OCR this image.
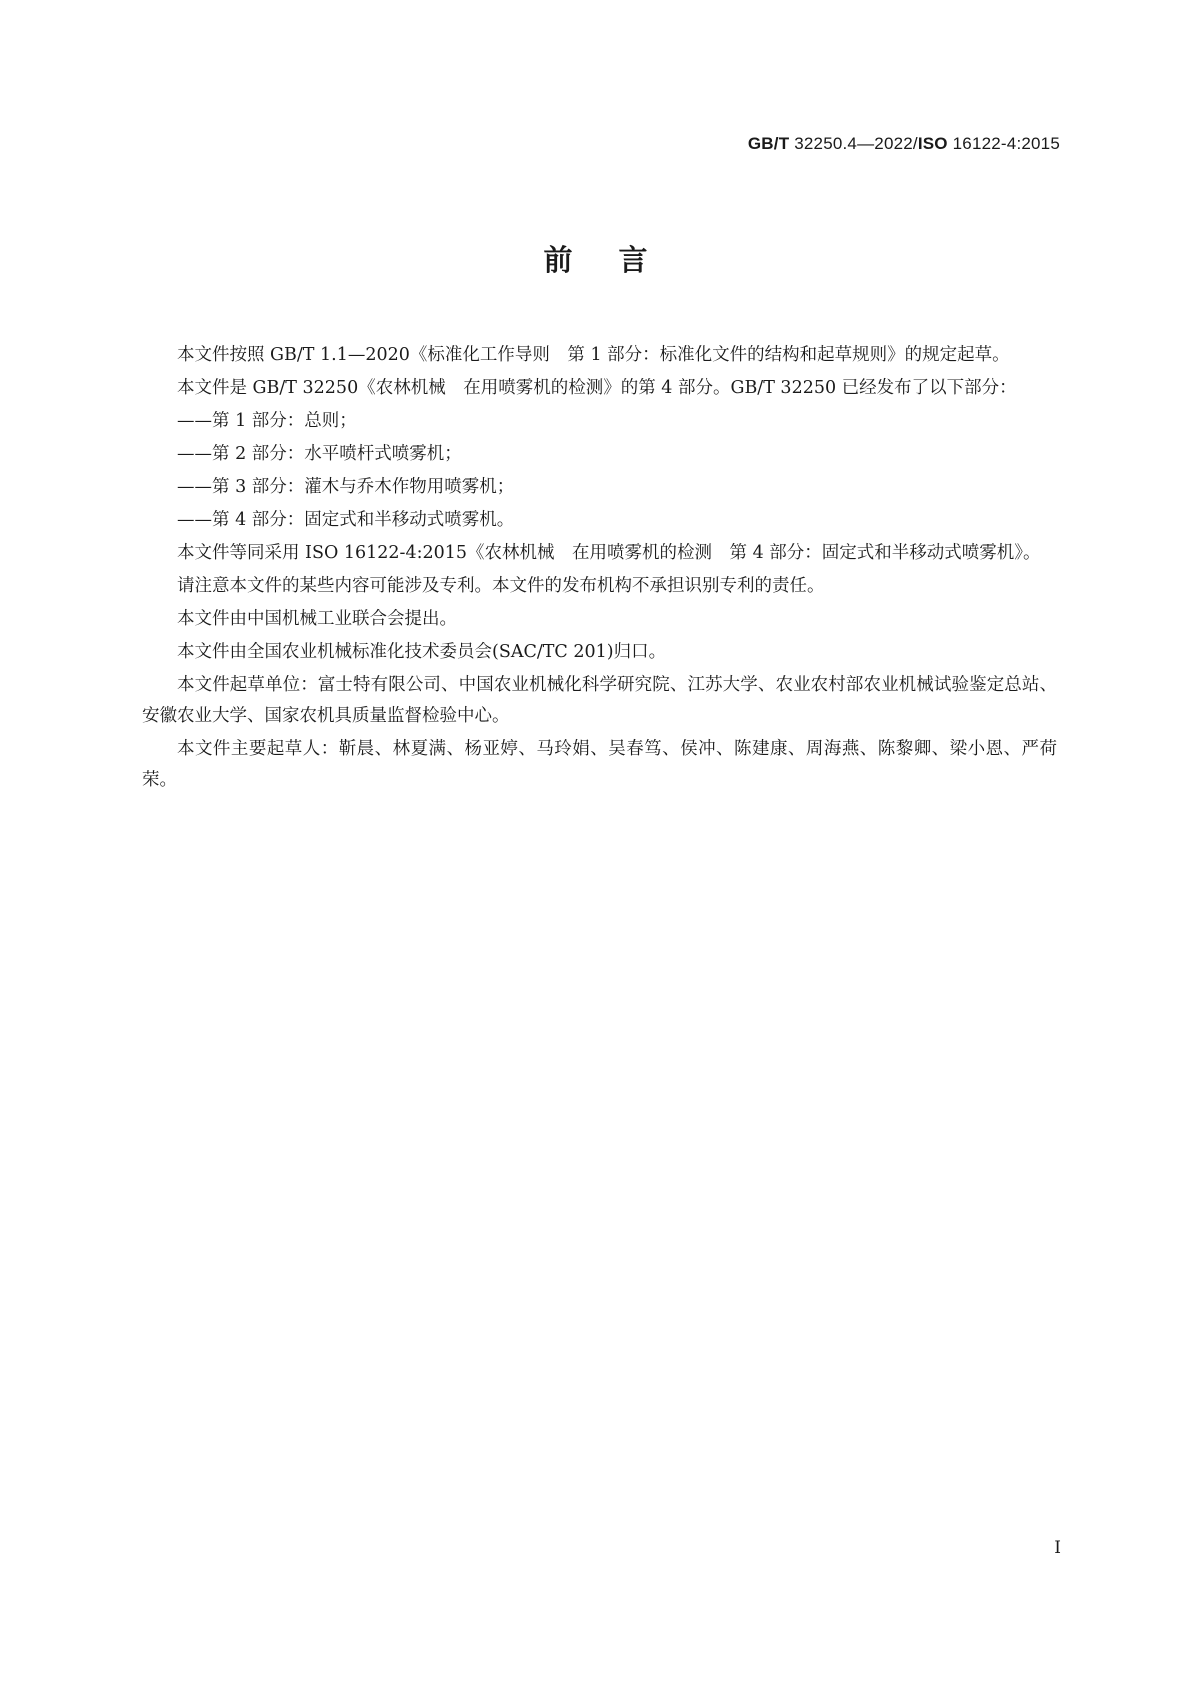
GB/T 32250.4—2022/ISO 16122-4:2015
前言

本文件按照 GB/T 1.1—2020《标准化工作导则　第 1 部分：标准化文件的结构和起草规则》的规定起草。

本文件是 GB/T 32250《农林机械　在用喷雾机的检测》的第 4 部分。GB/T 32250 已经发布了以下部分：

——第 1 部分：总则；

——第 2 部分：水平喷杆式喷雾机；

——第 3 部分：灌木与乔木作物用喷雾机；

——第 4 部分：固定式和半移动式喷雾机。

本文件等同采用 ISO 16122-4:2015《农林机械　在用喷雾机的检测　第 4 部分：固定式和半移动式喷雾机》。

请注意本文件的某些内容可能涉及专利。本文件的发布机构不承担识别专利的责任。

本文件由中国机械工业联合会提出。

本文件由全国农业机械标准化技术委员会(SAC/TC 201)归口。

本文件起草单位：富士特有限公司、中国农业机械化科学研究院、江苏大学、农业农村部农业机械试验鉴定总站、安徽农业大学、国家农机具质量监督检验中心。

本文件主要起草人：靳晨、林夏满、杨亚婷、马玲娟、吴春笃、侯冲、陈建康、周海燕、陈黎卿、梁小恩、严荷荣。

I
